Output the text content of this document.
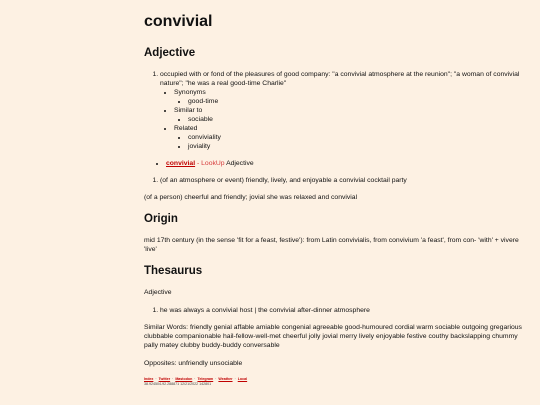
convivial
Adjective
1. occupied with or fond of the pleasures of good company: "a convivial atmosphere at the reunion"; "a woman of convivial nature"; "he was a real good-time Charlie"
• Synonyms
• good-time
• Similar to
• sociable
• Related
• conviviality
• joviality
• convivial - LookUp Adjective
1. (of an atmosphere or event) friendly, lively, and enjoyable a convivial cocktail party

(of a person) cheerful and friendly; jovial she was relaxed and convivial

Origin

mid 17th century (in the sense 'fit for a feast, festive'): from Latin convivialis, from convivium 'a feast', from con- 'with' + vivere 'live'

Thesaurus

Adjective

1. he was always a convivial host | the convivial after-dinner atmosphere

Similar Words: friendly genial affable amiable congenial agreeable good-humoured cordial warm sociable outgoing gregarious clubbable companionable hail-fellow-well-met cheerful jolly jovial merry lively enjoyable festive couthy backslapping chummy pally matey clubby buddy-buddy conversable

Opposites: unfriendly unsociable

Index · Twitter · Mastodon · Telegram · Weather · Local
38.924504-92.288871 12/21/2022 142801
